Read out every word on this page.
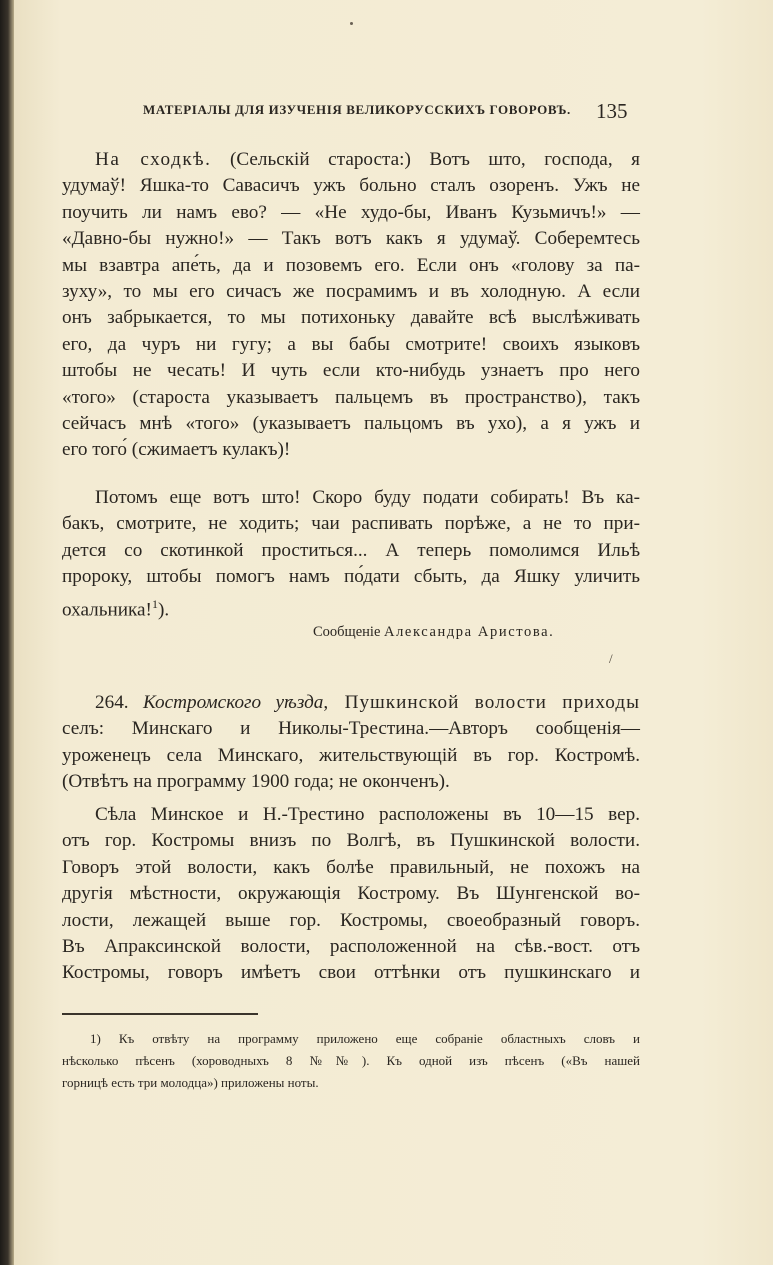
МАТЕРІАЛЫ ДЛЯ ИЗУЧЕНІЯ ВЕЛИКОРУССКИХЪ ГОВОРОВЪ. 135
На сходкѣ. (Сельскій староста:) Вотъ што, господа, я
удумаў! Яшка-то Савасичъ ужъ больно сталъ озоренъ. Ужъ не
поучить ли намъ ево? — «Не худо-бы, Иванъ Кузьмичъ!» —
«Давно-бы нужно!» — Такъ вотъ какъ я удумаў. Соберемтесь
мы взавтра апе́ть, да и позовемъ его. Если онъ «голову за па-
зуху», то мы его сичасъ же посрамимъ и въ холодную. А если
онъ забрыкается, то мы потихоньку давайте всѣ выслѣживать
его, да чуръ ни гугу; а вы бабы смотрите! своихъ языковъ
штобы не чесать! И чуть если кто-нибудь узнаетъ про него
«того» (староста указываетъ пальцемъ въ пространство), такъ
сейчасъ мнѣ «того» (указываетъ пальцомъ въ ухо), а я ужъ и
его того́ (сжимаетъ кулакъ)!
Потомъ еще вотъ што! Скоро буду подати собирать! Въ ка-
бакъ, смотрите, не ходить; чаи распивать порѣже, а не то при-
дется со скотинкой проститься... А теперь помолимся Ильѣ
пророку, штобы помогъ намъ по́дати сбыть, да Яшку уличить
охальника!$^1$).
Сообщеніе Александра Аристова.
/
264. Костромского уѣзда, Пушкинской волости приходы
селъ: Минскаго и Николы-Трестина.—Авторъ сообщенія—
уроженецъ села Минскаго, жительствующій въ гор. Костромѣ.
(Отвѣтъ на программу 1900 года; не оконченъ).
Сѣла Минское и Н.-Трестино расположены въ 10—15 вер.
отъ гор. Костромы внизъ по Волгѣ, въ Пушкинской волости.
Говоръ этой волости, какъ болѣе правильный, не похожъ на
другія мѣстности, окружающія Кострому. Въ Шунгенской во-
лости, лежащей выше гор. Костромы, своеобразный говоръ.
Въ Апраксинской волости, расположенной на сѣв.-вост. отъ
Костромы, говоръ имѣетъ свои оттѣнки отъ пушкинскаго и
1) Къ отвѣту на программу приложено еще собраніе областныхъ словъ и
нѣсколько пѣсенъ (хороводныхъ 8 №№). Къ одной изъ пѣсенъ («Въ нашей
горницѣ есть три молодца») приложены ноты.
